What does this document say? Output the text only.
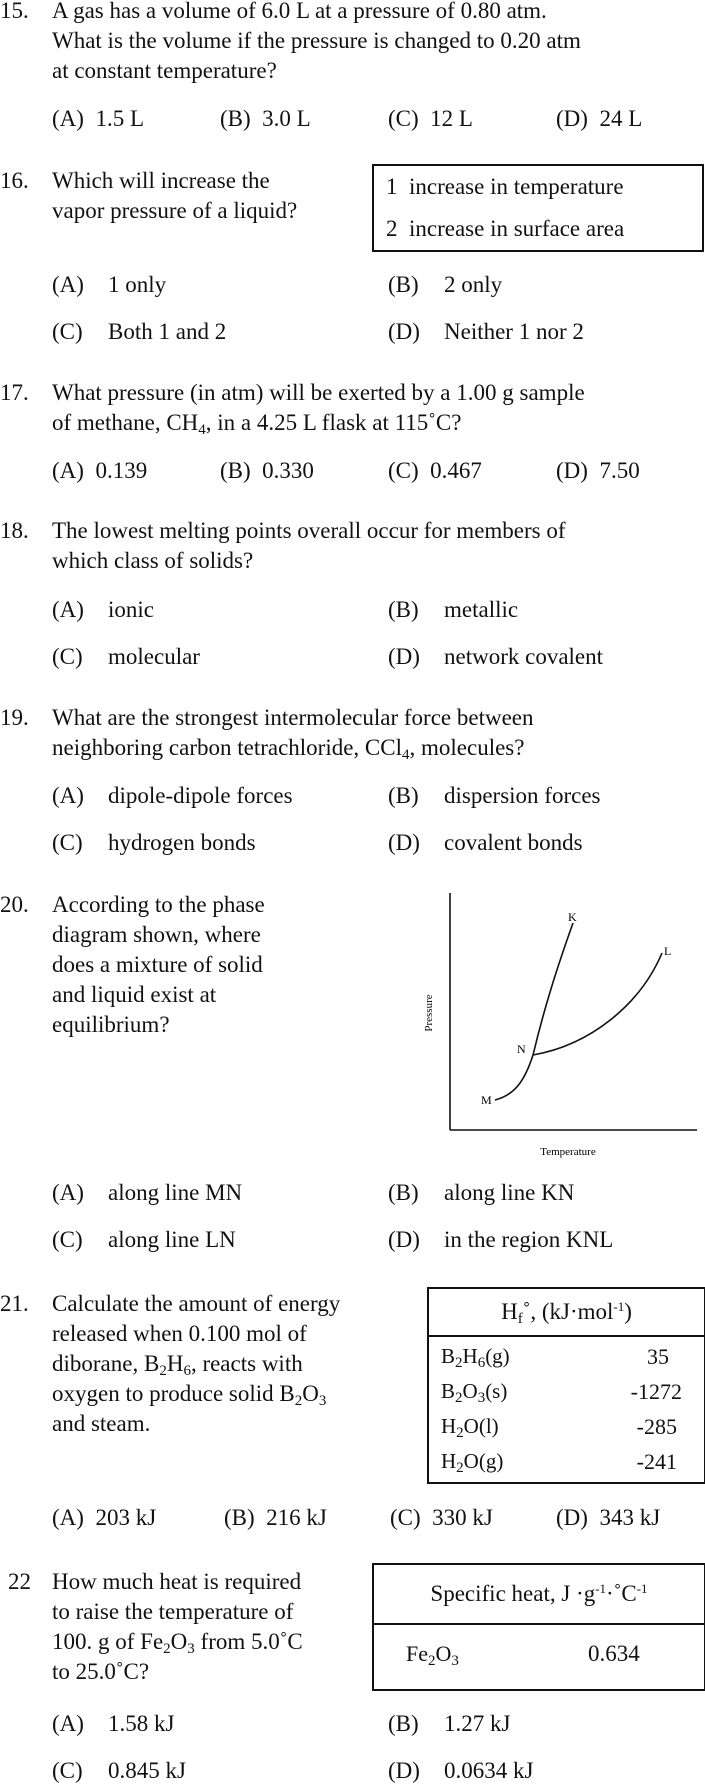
15. A gas has a volume of 6.0 L at a pressure of 0.80 atm.
What is the volume if the pressure is changed to 0.20 atm
at constant temperature?
(A) 1.5 L	(B) 3.0 L	(C) 12 L	(D) 24 L
16. Which will increase the
vapor pressure of a liquid?
1 increase in temperature
2 increase in surface area
(A) 1 only	(B) 2 only
(C) Both 1 and 2	(D) Neither 1 nor 2
17. What pressure (in atm) will be exerted by a 1.00 g sample
of methane, $CH_4$, in a 4.25 L flask at 115˚C?
(A) 0.139	(B) 0.330	(C) 0.467	(D) 7.50
18. The lowest melting points overall occur for members of
which class of solids?
(A) ionic	(B) metallic
(C) molecular	(D) network covalent
19. What are the strongest intermolecular force between
neighboring carbon tetrachloride, CCl$_4$, molecules?
(A) dipole-dipole forces	(B) dispersion forces
(C) hydrogen bonds	(D) covalent bonds
20. According to the phase
diagram shown, where
does a mixture of solid
and liquid exist at
equilibrium?
K
L
N
M
Pressure
Temperature
(A) along line MN	(B) along line KN
(C) along line LN	(D) in the region KNL
21. Calculate the amount of energy
released when 0.100 mol of
diborane, $B_2H_6$, reacts with
oxygen to produce solid $B_2O_3$
and steam.
$H_f˚$, (kJ·mol$^{-1}$)
$B_2H_6(g)$	35
$B_2O_3(s)$	-1272
$H_2O(l)$	-285
$H_2O(g)$	-241
(A) 203 kJ	(B) 216 kJ	(C) 330 kJ	(D) 343 kJ
22 How much heat is required
to raise the temperature of
100. g of $Fe_2O_3$ from 5.0˚C
to 25.0˚C?
Specific heat, $J \cdot g^{-1}\cdot˚C^{-1}$
$Fe_2O_3$	0.634
(A) 1.58 kJ	(B) 1.27 kJ
(C) 0.845 kJ	(D) 0.0634 kJ
